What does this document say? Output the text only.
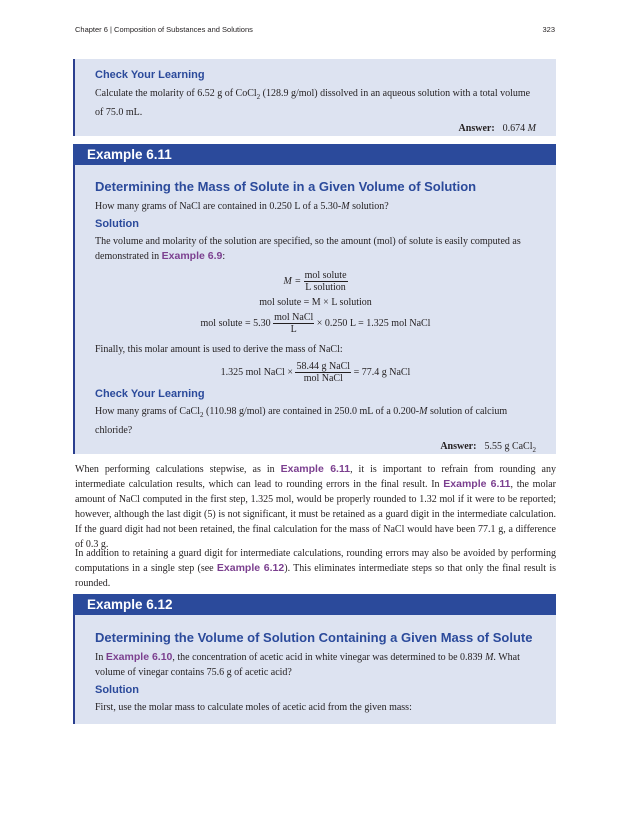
Chapter 6 | Composition of Substances and Solutions	323

Check Your Learning

Calculate the molarity of 6.52 g of CoCl$_2$ (128.9 g/mol) dissolved in an aqueous solution with a total volume of 75.0 mL.

Answer: 0.674 M

Example 6.11

Determining the Mass of Solute in a Given Volume of Solution

How many grams of NaCl are contained in 0.250 L of a 5.30-M solution?

Solution

The volume and molarity of the solution are specified, so the amount (mol) of solute is easily computed as demonstrated in Example 6.9:

$M = \frac{\text{mol solute}}{\text{L solution}}$

mol solute = M × L solution

mol solute = $5.30 \frac{\text{mol NaCl}}{L} \times 0.250$ L = 1.325 mol NaCl

Finally, this molar amount is used to derive the mass of NaCl:

1.325 mol NaCl × $\frac{\text{58.44 g NaCl}}{\text{mol NaCl}} = 77.4$ g NaCl

Check Your Learning

How many grams of CaCl$_2$ (110.98 g/mol) are contained in 250.0 mL of a 0.200-M solution of calcium chloride?

Answer: 5.55 g CaCl$_2$

When performing calculations stepwise, as in Example 6.11, it is important to refrain from rounding any intermediate calculation results, which can lead to rounding errors in the final result. In Example 6.11, the molar amount of NaCl computed in the first step, 1.325 mol, would be properly rounded to 1.32 mol if it were to be reported; however, although the last digit (5) is not significant, it must be retained as a guard digit in the intermediate calculation. If the guard digit had not been retained, the final calculation for the mass of NaCl would have been 77.1 g, a difference of 0.3 g.

In addition to retaining a guard digit for intermediate calculations, rounding errors may also be avoided by performing computations in a single step (see Example 6.12). This eliminates intermediate steps so that only the final result is rounded.

Example 6.12

Determining the Volume of Solution Containing a Given Mass of Solute

In Example 6.10, the concentration of acetic acid in white vinegar was determined to be 0.839 M. What volume of vinegar contains 75.6 g of acetic acid?

Solution

First, use the molar mass to calculate moles of acetic acid from the given mass:
